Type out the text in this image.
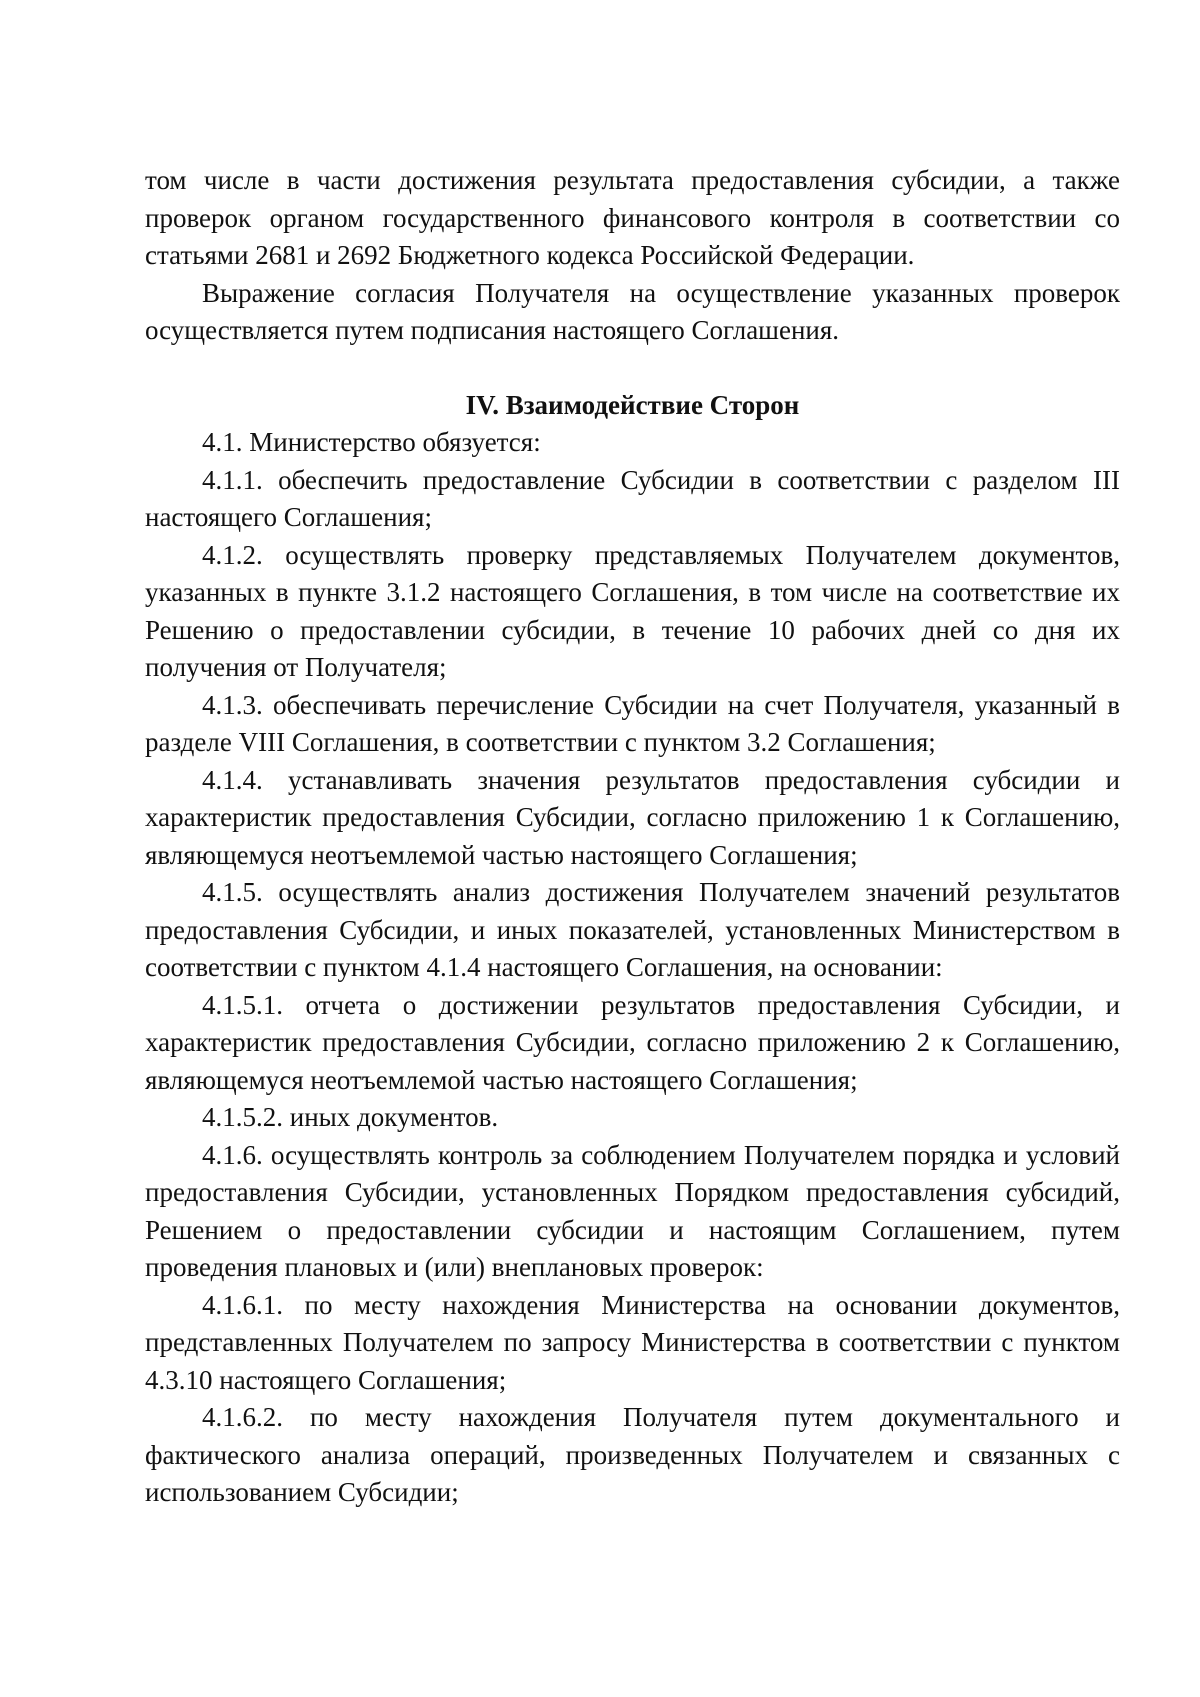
том числе в части достижения результата предоставления субсидии, а также проверок органом государственного финансового контроля в соответствии со статьями 2681 и 2692 Бюджетного кодекса Российской Федерации.

Выражение согласия Получателя на осуществление указанных проверок осуществляется путем подписания настоящего Соглашения.

IV. Взаимодействие Сторон

4.1. Министерство обязуется:

4.1.1. обеспечить предоставление Субсидии в соответствии с разделом III настоящего Соглашения;

4.1.2. осуществлять проверку представляемых Получателем документов, указанных в пункте 3.1.2 настоящего Соглашения, в том числе на соответствие их Решению о предоставлении субсидии, в течение 10 рабочих дней со дня их получения от Получателя;

4.1.3. обеспечивать перечисление Субсидии на счет Получателя, указанный в разделе VIII Соглашения, в соответствии с пунктом 3.2 Соглашения;

4.1.4. устанавливать значения результатов предоставления субсидии и характеристик предоставления Субсидии, согласно приложению 1 к Соглашению, являющемуся неотъемлемой частью настоящего Соглашения;

4.1.5. осуществлять анализ достижения Получателем значений результатов предоставления Субсидии, и иных показателей, установленных Министерством в соответствии с пунктом 4.1.4 настоящего Соглашения, на основании:

4.1.5.1. отчета о достижении результатов предоставления Субсидии, и характеристик предоставления Субсидии, согласно приложению 2 к Соглашению, являющемуся неотъемлемой частью настоящего Соглашения;

4.1.5.2. иных документов.

4.1.6. осуществлять контроль за соблюдением Получателем порядка и условий предоставления Субсидии, установленных Порядком предоставления субсидий, Решением о предоставлении субсидии и настоящим Соглашением, путем проведения плановых и (или) внеплановых проверок:

4.1.6.1. по месту нахождения Министерства на основании документов, представленных Получателем по запросу Министерства в соответствии с пунктом 4.3.10 настоящего Соглашения;

4.1.6.2. по месту нахождения Получателя путем документального и фактического анализа операций, произведенных Получателем и связанных с использованием Субсидии;
